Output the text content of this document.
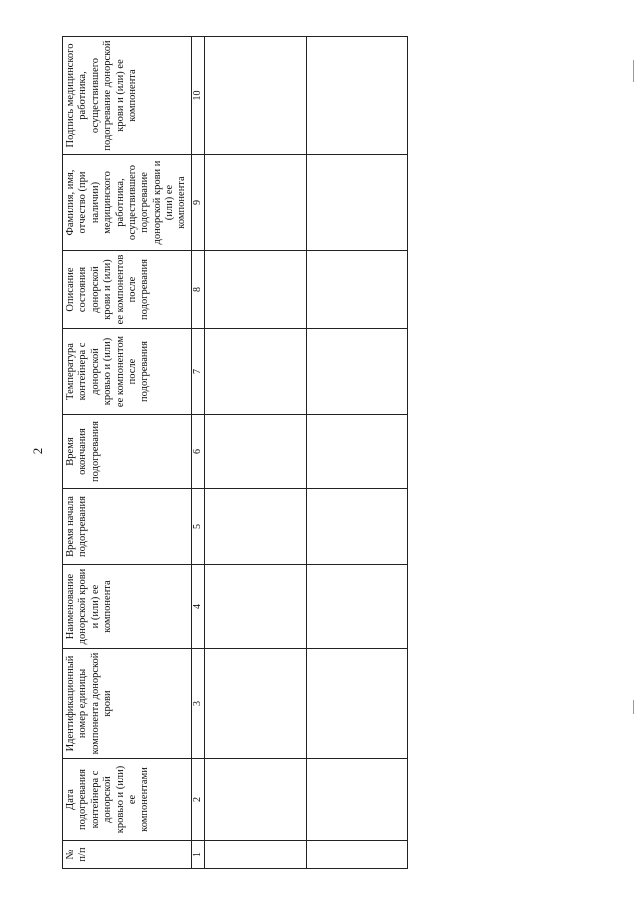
2
№ п/п	Дата подогревания контейнера с донорской кровью и (или) ее компонентами	Идентификационный номер единицы компонента донорской крови	Наименование донорской крови и (или) ее компонента	Время начала подогревания	Время окончания подогревания	Температура контейнера с донорской кровью и (или) ее компонентом после подогревания	Описание состояния донорской крови и (или) ее компонентов после подогревания	Фамилия, имя, отчество (при наличии) медицинского работника, осуществившего подогревание донорской крови и (или) ее компонента	Подпись медицинского работника, осуществившего подогревание донорской крови и (или) ее компонента
1	2	3	4	5	6	7	8	9	10
